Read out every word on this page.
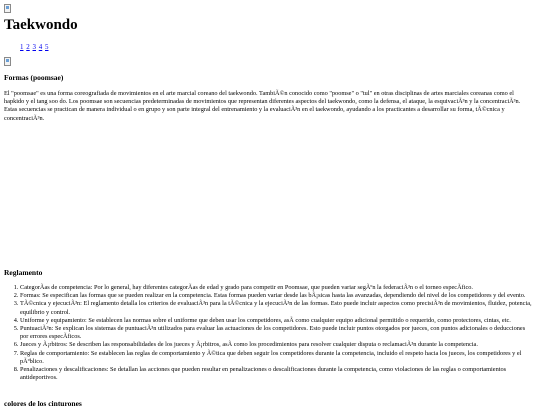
Taekwondo
1 2 3 4 5
Formas (poomsae)

El "poomsae" es una forma coreografiada de movimientos en el arte marcial coreano del taekwondo. TambiÃ©n conocido como "poomse" o "tul" en otras disciplinas de artes marciales coreanas como el hapkido y el tang soo do. Los poomsae son secuencias predeterminadas de movimientos que representan diferentes aspectos del taekwondo, como la defensa, el ataque, la esquivaciÃ³n y la concentraciÃ³n. Estas secuencias se practican de manera individual o en grupo y son parte integral del entrenamiento y la evaluaciÃ³n en el taekwondo, ayudando a los practicantes a desarrollar su forma, tÃ©cnica y concentraciÃ³n.

Reglamento
1. CategorÃas de competencia: Por lo general, hay diferentes categorÃas de edad y grado para competir en Poomsae, que pueden variar segÃºn la federaciÃ³n o el torneo especÃfico.
2. Formas: Se especifican las formas que se pueden realizar en la competencia. Estas formas pueden variar desde las bÃ¡sicas hasta las avanzadas, dependiendo del nivel de los competidores y del evento.
3. TÃ©cnica y ejecuciÃ³n: El reglamento detalla los criterios de evaluaciÃ³n para la tÃ©cnica y la ejecuciÃ³n de las formas. Esto puede incluir aspectos como precisiÃ³n de movimientos, fluidez, potencia, equilibrio y control.
4. Uniforme y equipamiento: Se establecen las normas sobre el uniforme que deben usar los competidores, asÃ como cualquier equipo adicional permitido o requerido, como protectores, cintas, etc.
5. PuntuaciÃ³n: Se explican los sistemas de puntuaciÃ³n utilizados para evaluar las actuaciones de los competidores. Esto puede incluir puntos otorgados por jueces, con puntos adicionales o deducciones por errores especÃficos.
6. Jueces y Ã¡rbitros: Se describen las responsabilidades de los jueces y Ã¡rbitros, asÃ como los procedimientos para resolver cualquier disputa o reclamaciÃ³n durante la competencia.
7. Reglas de comportamiento: Se establecen las reglas de comportamiento y Ã©tica que deben seguir los competidores durante la competencia, incluido el respeto hacia los jueces, los competidores y el pÃºblico.
8. Penalizaciones y descalificaciones: Se detallan las acciones que pueden resultar en penalizaciones o descalificaciones durante la competencia, como violaciones de las reglas o comportamientos antideportivos.
colores de los cinturones
